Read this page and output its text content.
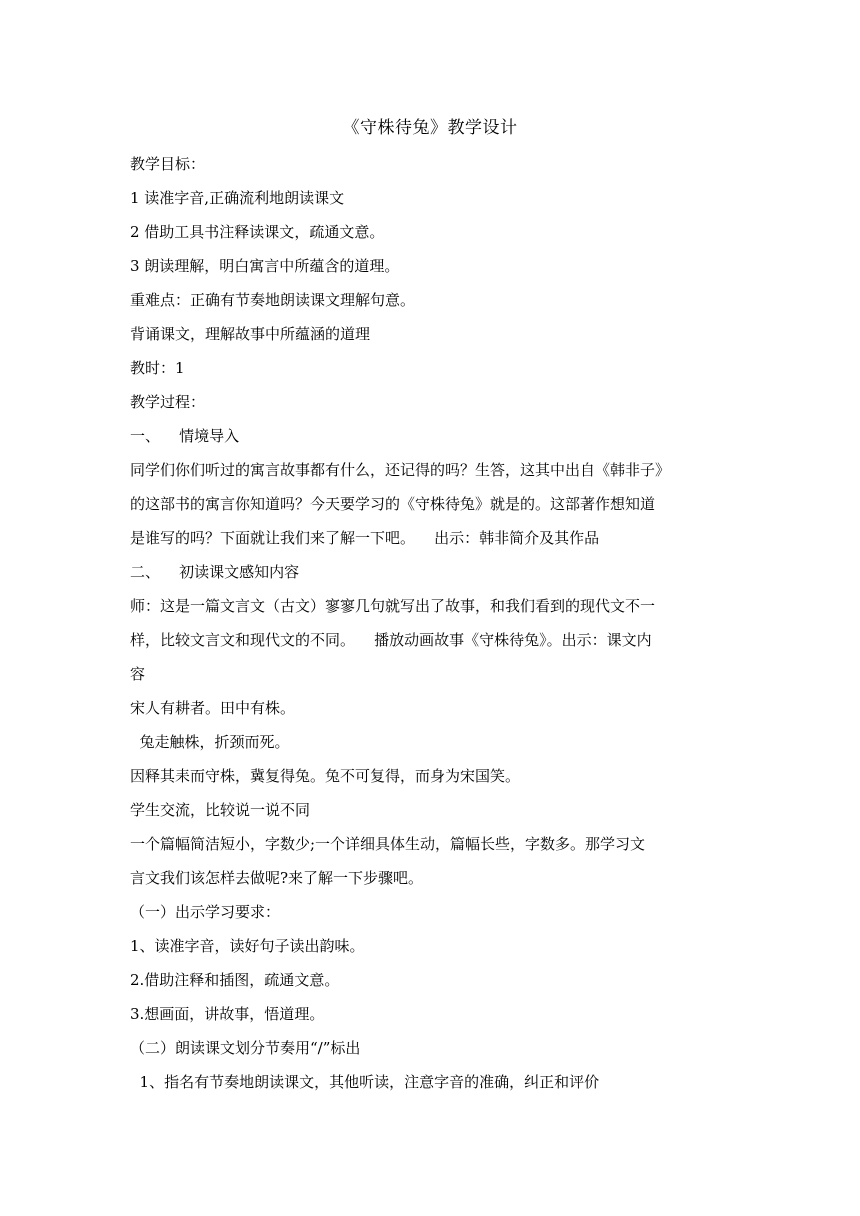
《守株待兔》教学设计
教学目标：
1 读准字音,正确流利地朗读课文
2 借助工具书注释读课文，疏通文意。
3 朗读理解，明白寓言中所蕴含的道理。
重难点：正确有节奏地朗读课文理解句意。
背诵课文，理解故事中所蕴涵的道理
教时：1
教学过程：
一、    情境导入
同学们你们听过的寓言故事都有什么，还记得的吗？生答，这其中出自《韩非子》
的这部书的寓言你知道吗？今天要学习的《守株待兔》就是的。这部著作想知道
是谁写的吗？下面就让我们来了解一下吧。    出示：韩非简介及其作品
二、    初读课文感知内容
师：这是一篇文言文（古文）寥寥几句就写出了故事，和我们看到的现代文不一
样，比较文言文和现代文的不同。    播放动画故事《守株待兔》。出示：课文内
容
宋人有耕者。田中有株。
兔走触株，折颈而死。
因释其耒而守株，冀复得兔。兔不可复得，而身为宋国笑。
学生交流，比较说一说不同
一个篇幅简洁短小，字数少;一个详细具体生动，篇幅长些，字数多。那学习文
言文我们该怎样去做呢?来了解一下步骤吧。
（一）出示学习要求：
1、读准字音，读好句子读出韵味。
2.借助注释和插图，疏通文意。
3.想画面，讲故事，悟道理。
（二）朗读课文划分节奏用“/”标出
1、指名有节奏地朗读课文，其他听读，注意字音的准确，纠正和评价
